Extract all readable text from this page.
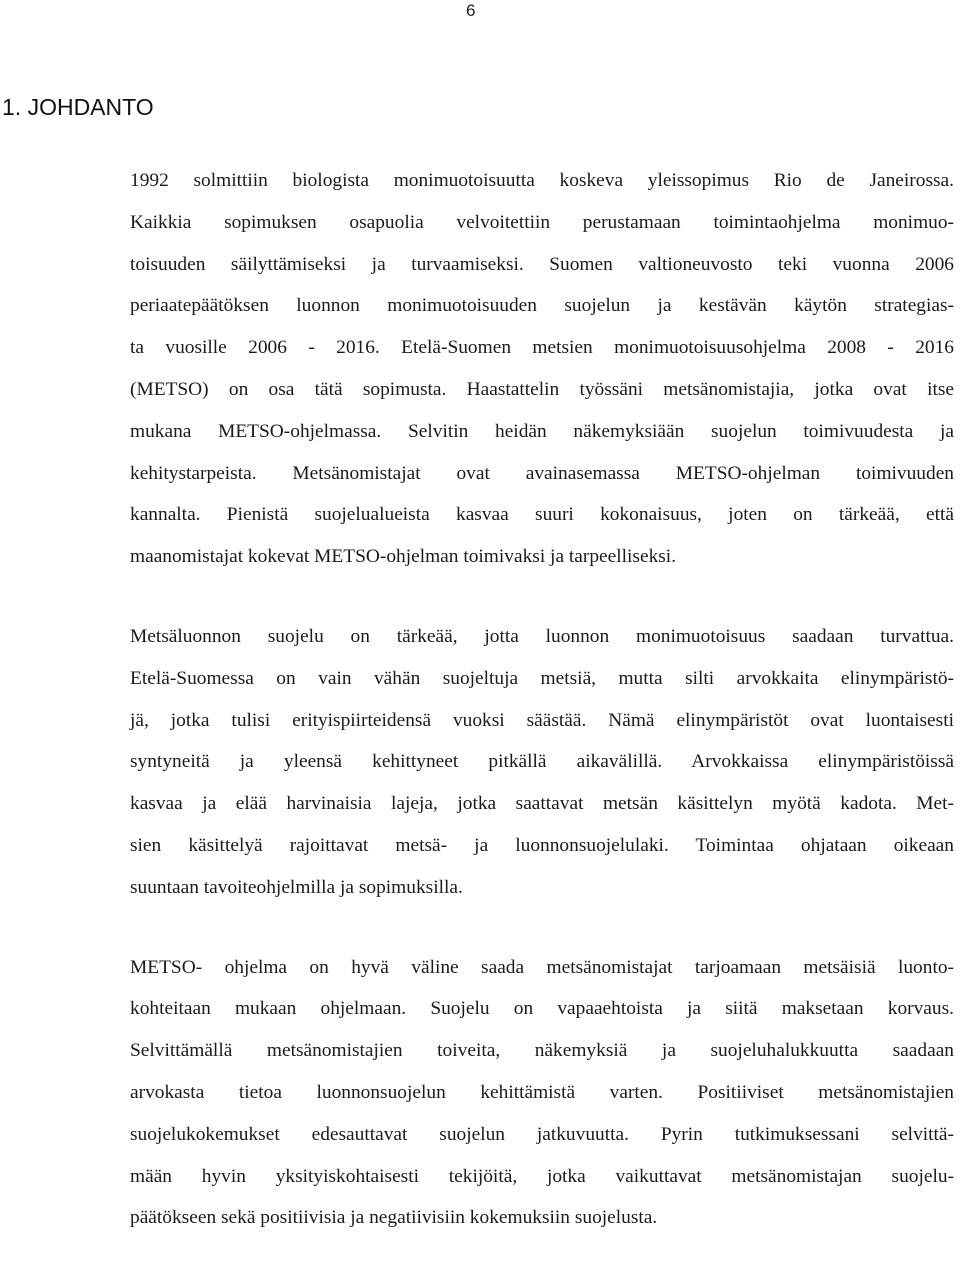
6
1. JOHDANTO

1992 solmittiin biologista monimuotoisuutta koskeva yleissopimus Rio de Janeirossa.
Kaikkia sopimuksen osapuolia velvoitettiin perustamaan toimintaohjelma monimuo-
toisuuden säilyttämiseksi ja turvaamiseksi. Suomen valtioneuvosto teki vuonna 2006
periaatepäätöksen luonnon monimuotoisuuden suojelun ja kestävän käytön strategias-
ta vuosille 2006 - 2016. Etelä-Suomen metsien monimuotoisuusohjelma 2008 - 2016
(METSO) on osa tätä sopimusta. Haastattelin työssäni metsänomistajia, jotka ovat itse
mukana METSO-ohjelmassa. Selvitin heidän näkemyksiään suojelun toimivuudesta ja
kehitystarpeista. Metsänomistajat ovat avainasemassa METSO-ohjelman toimivuuden
kannalta. Pienistä suojelualueista kasvaa suuri kokonaisuus, joten on tärkeää, että
maanomistajat kokevat METSO-ohjelman toimivaksi ja tarpeelliseksi.

Metsäluonnon suojelu on tärkeää, jotta luonnon monimuotoisuus saadaan turvattua.
Etelä-Suomessa on vain vähän suojeltuja metsiä, mutta silti arvokkaita elinympäristö-
jä, jotka tulisi erityispiirteidensä vuoksi säästää. Nämä elinympäristöt ovat luontaisesti
syntyneitä ja yleensä kehittyneet pitkällä aikavälillä. Arvokkaissa elinympäristöissä
kasvaa ja elää harvinaisia lajeja, jotka saattavat metsän käsittelyn myötä kadota. Met-
sien käsittelyä rajoittavat metsä- ja luonnonsuojelulaki. Toimintaa ohjataan oikeaan
suuntaan tavoiteohjelmilla ja sopimuksilla.

METSO- ohjelma on hyvä väline saada metsänomistajat tarjoamaan metsäisiä luonto-
kohteitaan mukaan ohjelmaan. Suojelu on vapaaehtoista ja siitä maksetaan korvaus.
Selvittämällä metsänomistajien toiveita, näkemyksiä ja suojeluhalukkuutta saadaan
arvokasta tietoa luonnonsuojelun kehittämistä varten. Positiiviset metsänomistajien
suojelukokemukset edesauttavat suojelun jatkuvuutta. Pyrin tutkimuksessani selvittä-
mään hyvin yksityiskohtaisesti tekijöitä, jotka vaikuttavat metsänomistajan suojelu-
päätökseen sekä positiivisia ja negatiivisiin kokemuksiin suojelusta.
